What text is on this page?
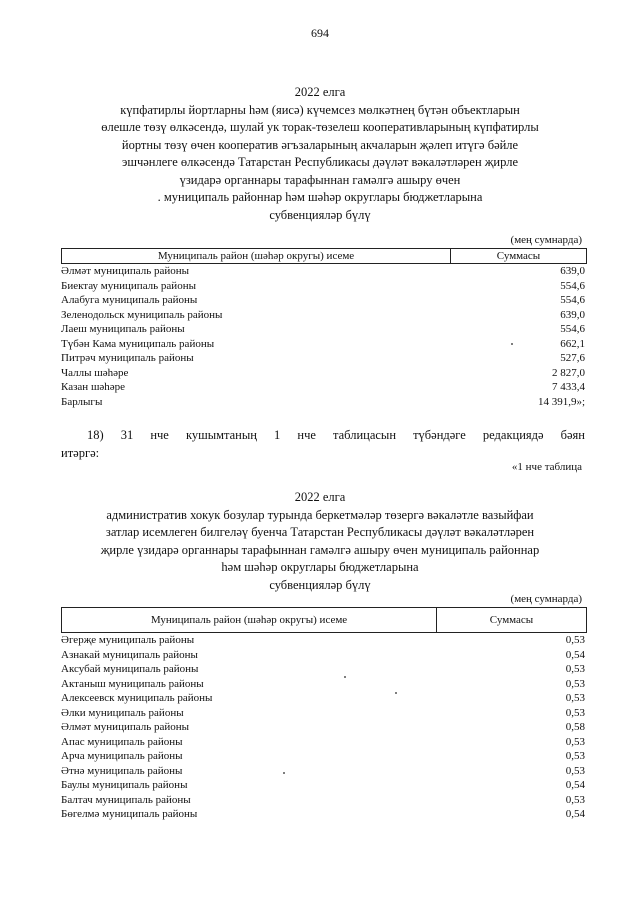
694
2022 елга
күпфатирлы йортларны һәм (яисә) күчемсез мөлкәтнең бүтән объектларын
өлешле төзү өлкәсендә, шулай ук торак-төзелеш кооперативларының күпфатирлы
йортны төзү өчен кооператив әгъзаларының акчаларын җәлеп итүгә бәйле
эшчәнлеге өлкәсендә Татарстан Республикасы дәүләт вәкаләтләрен җирле
үзидарә органнары тарафыннан гамәлгә ашыру өчен
. муниципаль районнар һәм шәһәр округлары бюджетларына
субвенцияләр бүлү
(мең сумнарда)
Муниципаль район (шәһәр округы) исеме	Суммасы
Әлмәт муниципаль районы	639,0
Биектау муниципаль районы	554,6
Алабуга муниципаль районы	554,6
Зеленодольск муниципаль районы	639,0
Лаеш муниципаль районы	554,6
Түбән Кама муниципаль районы	662,1
Питрәч муниципаль районы	527,6
Чаллы шәһәре	2 827,0
Казан шәһәре	7 433,4
Барлыгы	14 391,9»;
18) 31 нче кушымтаның 1 нче таблицасын түбәндәге редакциядә бәян
итәргә:
«1 нче таблица
2022 елга
административ хокук бозулар турында беркетмәләр төзергә вәкаләтле вазыйфаи
затлар исемлеген билгеләү буенча Татарстан Республикасы дәүләт вәкаләтләрен
җирле үзидарә органнары тарафыннан гамәлгә ашыру өчен муниципаль районнар
һәм шәһәр округлары бюджетларына
субвенцияләр бүлү
(мең сумнарда)
Муниципаль район (шәһәр округы) исеме	Суммасы
Әгерҗе муниципаль районы	0,53
Азнакай муниципаль районы	0,54
Аксубай муниципаль районы	0,53
Актаныш муниципаль районы	0,53
Алексеевск муниципаль районы	0,53
Әлки муниципаль районы	0,53
Әлмәт муниципаль районы	0,58
Апас муниципаль районы	0,53
Арча муниципаль районы	0,53
Әтнә муниципаль районы	0,53
Баулы муниципаль районы	0,54
Балтач муниципаль районы	0,53
Бөгелмә муниципаль районы	0,54
